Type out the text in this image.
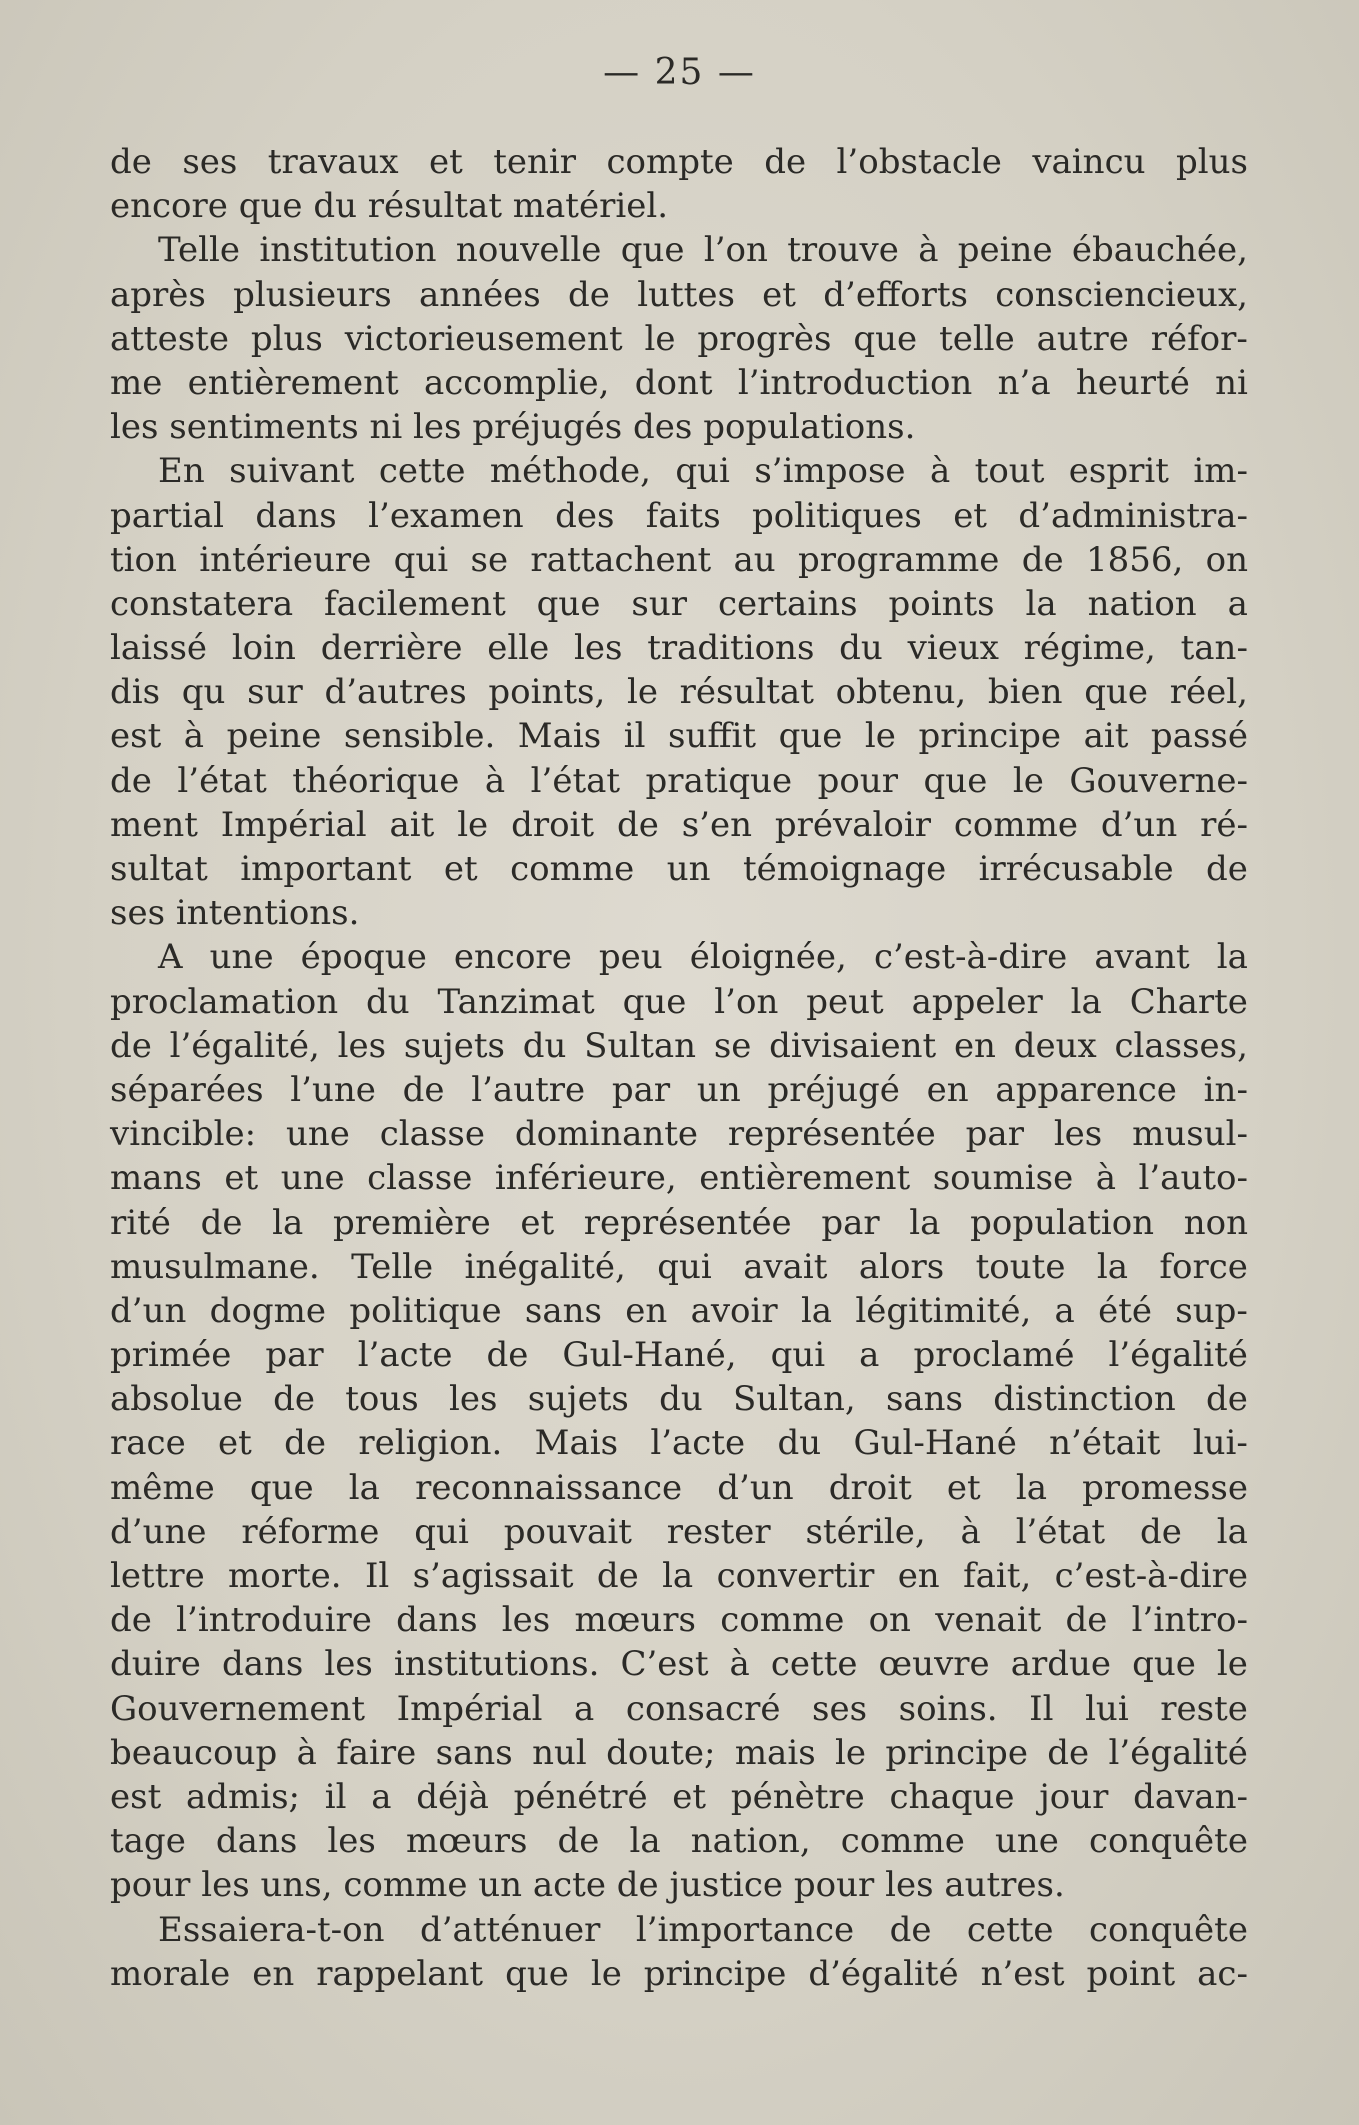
— 25 —
de ses travaux et tenir compte de l’obstacle vaincu plus
encore que du résultat matériel.
Telle institution nouvelle que l’on trouve à peine ébauchée,
après plusieurs années de luttes et d’efforts consciencieux,
atteste plus victorieusement le progrès que telle autre réfor-
me entièrement accomplie, dont l’introduction n’a heurté ni
les sentiments ni les préjugés des populations.
En suivant cette méthode, qui s’impose à tout esprit im-
partial dans l’examen des faits politiques et d’administra-
tion intérieure qui se rattachent au programme de 1856, on
constatera facilement que sur certains points la nation a
laissé loin derrière elle les traditions du vieux régime, tan-
dis qu sur d’autres points, le résultat obtenu, bien que réel,
est à peine sensible. Mais il suffit que le principe ait passé
de l’état théorique à l’état pratique pour que le Gouverne-
ment Impérial ait le droit de s’en prévaloir comme d’un ré-
sultat important et comme un témoignage irrécusable de
ses intentions.
A une époque encore peu éloignée, c’est-à-dire avant la
proclamation du Tanzimat que l’on peut appeler la Charte
de l’égalité, les sujets du Sultan se divisaient en deux classes,
séparées l’une de l’autre par un préjugé en apparence in-
vincible: une classe dominante représentée par les musul-
mans et une classe inférieure, entièrement soumise à l’auto-
rité de la première et représentée par la population non
musulmane. Telle inégalité, qui avait alors toute la force
d’un dogme politique sans en avoir la légitimité, a été sup-
primée par l’acte de Gul-Hané, qui a proclamé l’égalité
absolue de tous les sujets du Sultan, sans distinction de
race et de religion. Mais l’acte du Gul-Hané n’était lui-
même que la reconnaissance d’un droit et la promesse
d’une réforme qui pouvait rester stérile, à l’état de la
lettre morte. Il s’agissait de la convertir en fait, c’est-à-dire
de l’introduire dans les mœurs comme on venait de l’intro-
duire dans les institutions. C’est à cette œuvre ardue que le
Gouvernement Impérial a consacré ses soins. Il lui reste
beaucoup à faire sans nul doute; mais le principe de l’égalité
est admis; il a déjà pénétré et pénètre chaque jour davan-
tage dans les mœurs de la nation, comme une conquête
pour les uns, comme un acte de justice pour les autres.
Essaiera-t-on d’atténuer l’importance de cette conquête
morale en rappelant que le principe d’égalité n’est point ac-
